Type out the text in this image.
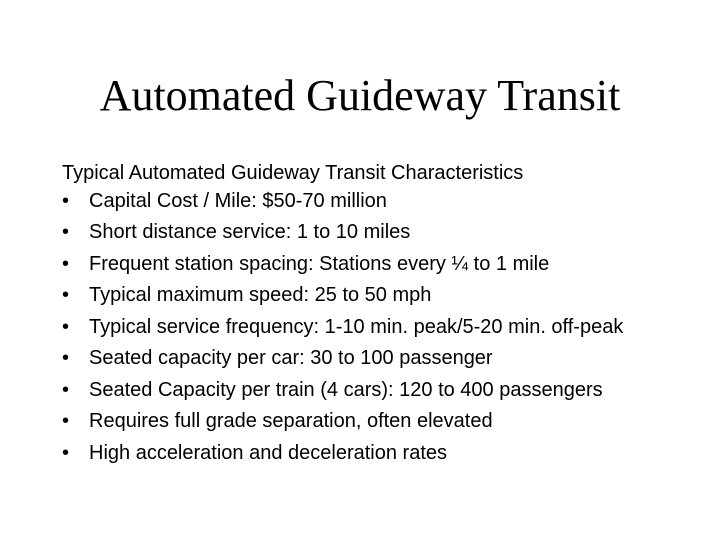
Automated Guideway Transit
Typical Automated Guideway Transit Characteristics
• Capital Cost / Mile: $50-70 million
• Short distance service: 1 to 10 miles
• Frequent station spacing: Stations every ¼ to 1 mile
• Typical maximum speed: 25 to 50 mph
• Typical service frequency: 1-10 min. peak/5-20 min. off-peak
• Seated capacity per car: 30 to 100 passenger
• Seated Capacity per train (4 cars): 120 to 400 passengers
• Requires full grade separation, often elevated
• High acceleration and deceleration rates
